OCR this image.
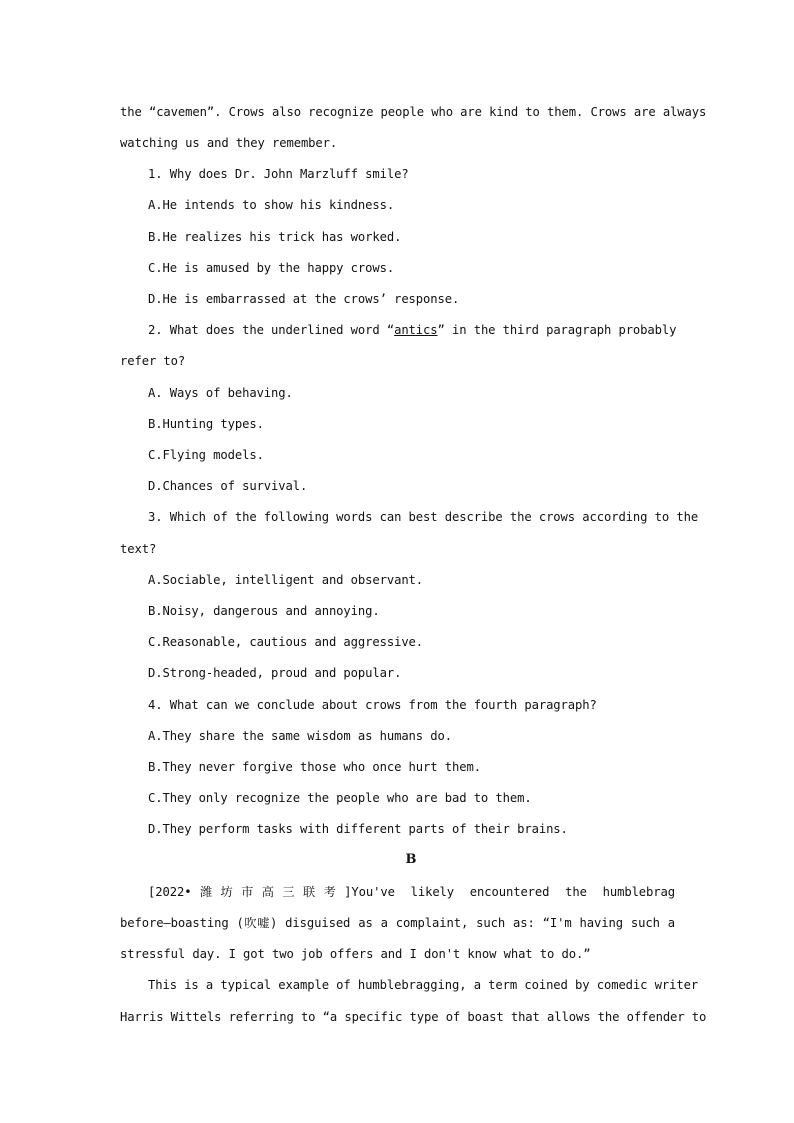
the “cavemen”. Crows also recognize people who are kind to them. Crows are always
watching us and they remember.
1. Why does Dr. John Marzluff smile?
A.He intends to show his kindness.
B.He realizes his trick has worked.
C.He is amused by the happy crows.
D.He is embarrassed at the crows’ response.
2. What does the underlined word “antics” in the third paragraph probably
refer to?
A. Ways of behaving.
B.Hunting types.
C.Flying models.
D.Chances of survival.
3. Which of the following words can best describe the crows according to the
text?
A.Sociable, intelligent and observant.
B.Noisy, dangerous and annoying.
C.Reasonable, cautious and aggressive.
D.Strong-headed, proud and popular.
4. What can we conclude about crows from the fourth paragraph?
A.They share the same wisdom as humans do.
B.They never forgive those who once hurt them.
C.They only recognize the people who are bad to them.
D.They perform tasks with different parts of their brains.
B
[2022•潍坊市高三联考]You've likely encountered the humblebrag
before—boasting (吹嘘) disguised as a complaint, such as: “I'm having such a
stressful day. I got two job offers and I don't know what to do.”
This is a typical example of humblebragging, a term coined by comedic writer
Harris Wittels referring to “a specific type of boast that allows the offender to
